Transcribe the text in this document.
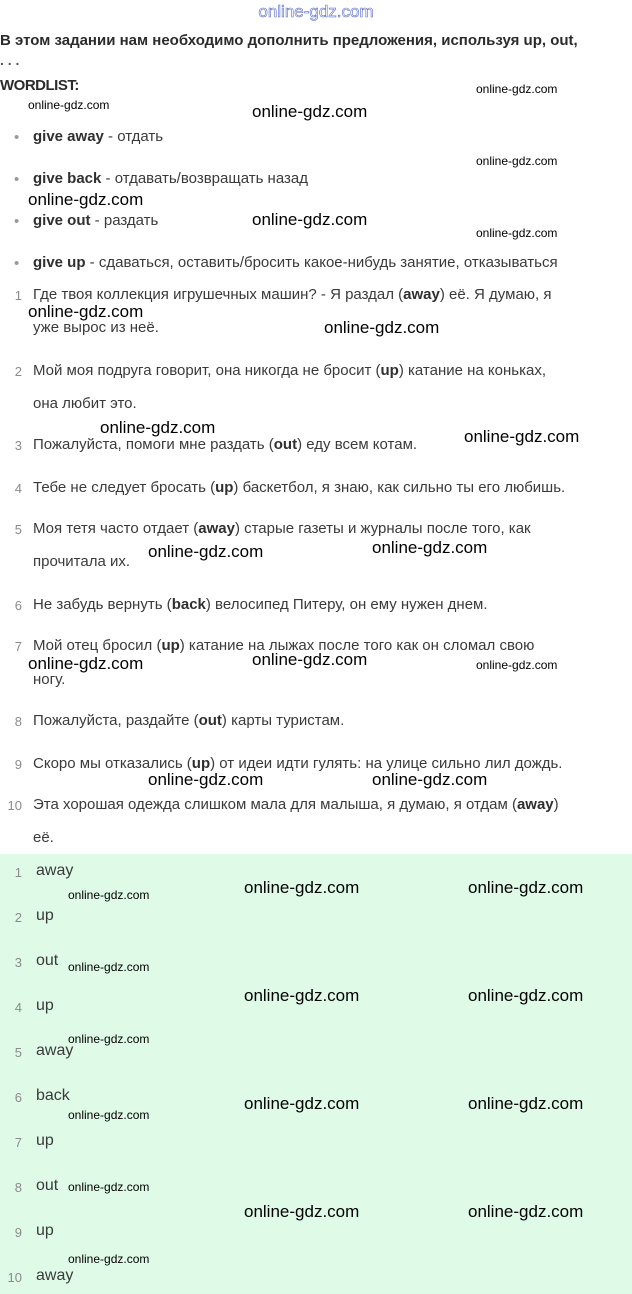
online-gdz.com
В этом задании нам необходимо дополнить предложения, используя up, out,
. . .
WORDLIST:
• give away - отдать
• give back - отдавать/возвращать назад
• give out - раздать
• give up - сдаваться, оставить/бросить какое-нибудь занятие, отказываться
1 Где твоя коллекция игрушечных машин? - Я раздал (away) её. Я думаю, я
уже вырос из неё.
2 Мой моя подруга говорит, она никогда не бросит (up) катание на коньках,
она любит это.
3 Пожалуйста, помоги мне раздать (out) еду всем котам.
4 Тебе не следует бросать (up) баскетбол, я знаю, как сильно ты его любишь.
5 Моя тетя часто отдает (away) старые газеты и журналы после того, как
прочитала их.
6 Не забудь вернуть (back) велосипед Питеру, он ему нужен днем.
7 Мой отец бросил (up) катание на лыжах после того как он сломал свою
ногу.
8 Пожалуйста, раздайте (out) карты туристам.
9 Скоро мы отказались (up) от идеи идти гулять: на улице сильно лил дождь.
10 Эта хорошая одежда слишком мала для малыша, я думаю, я отдам (away)
её.
1 away
2 up
3 out
4 up
5 away
6 back
7 up
8 out
9 up
10 away
online-gdz.com
online-gdz.com	online-gdz.com
online-gdz.com
online-gdz.com
online-gdz.com
online-gdz.com
online-gdz.com
online-gdz.com
online-gdz.com	online-gdz.com
online-gdz.com
online-gdz.com
online-gdz.com
online-gdz.com	online-gdz.com
online-gdz.com	online-gdz.com
online-gdz.com	online-gdz.com	online-gdz.com
online-gdz.com
online-gdz.com	online-gdz.com
online-gdz.com
online-gdz.com
online-gdz.com	online-gdz.com
online-gdz.com
online-gdz.com	online-gdz.com
online-gdz.com
